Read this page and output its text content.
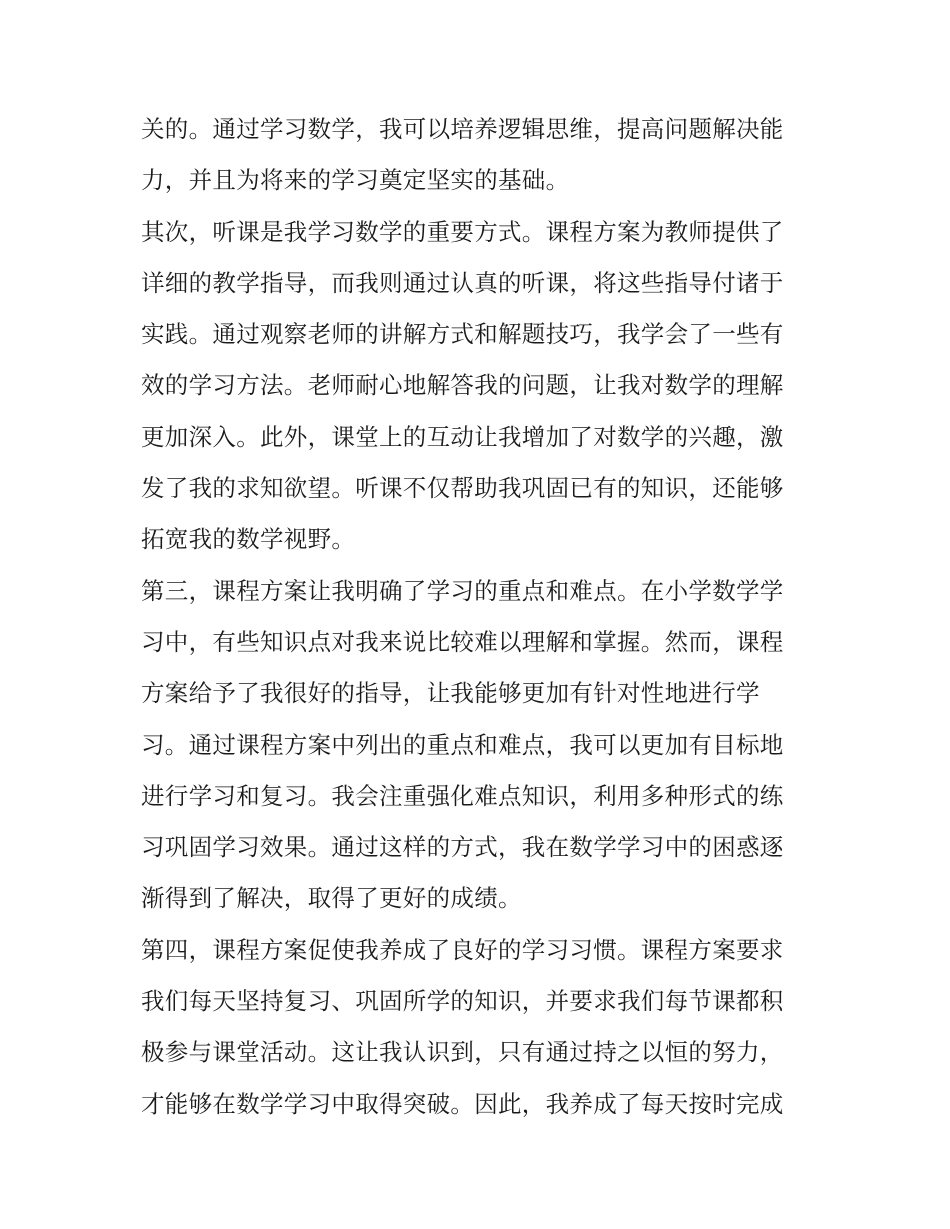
关的。通过学习数学，我可以培养逻辑思维，提高问题解决能
力，并且为将来的学习奠定坚实的基础。
其次，听课是我学习数学的重要方式。课程方案为教师提供了
详细的教学指导，而我则通过认真的听课，将这些指导付诸于
实践。通过观察老师的讲解方式和解题技巧，我学会了一些有
效的学习方法。老师耐心地解答我的问题，让我对数学的理解
更加深入。此外，课堂上的互动让我增加了对数学的兴趣，激
发了我的求知欲望。听课不仅帮助我巩固已有的知识，还能够
拓宽我的数学视野。
第三，课程方案让我明确了学习的重点和难点。在小学数学学
习中，有些知识点对我来说比较难以理解和掌握。然而，课程
方案给予了我很好的指导，让我能够更加有针对性地进行学
习。通过课程方案中列出的重点和难点，我可以更加有目标地
进行学习和复习。我会注重强化难点知识，利用多种形式的练
习巩固学习效果。通过这样的方式，我在数学学习中的困惑逐
渐得到了解决，取得了更好的成绩。
第四，课程方案促使我养成了良好的学习习惯。课程方案要求
我们每天坚持复习、巩固所学的知识，并要求我们每节课都积
极参与课堂活动。这让我认识到，只有通过持之以恒的努力，
才能够在数学学习中取得突破。因此，我养成了每天按时完成
